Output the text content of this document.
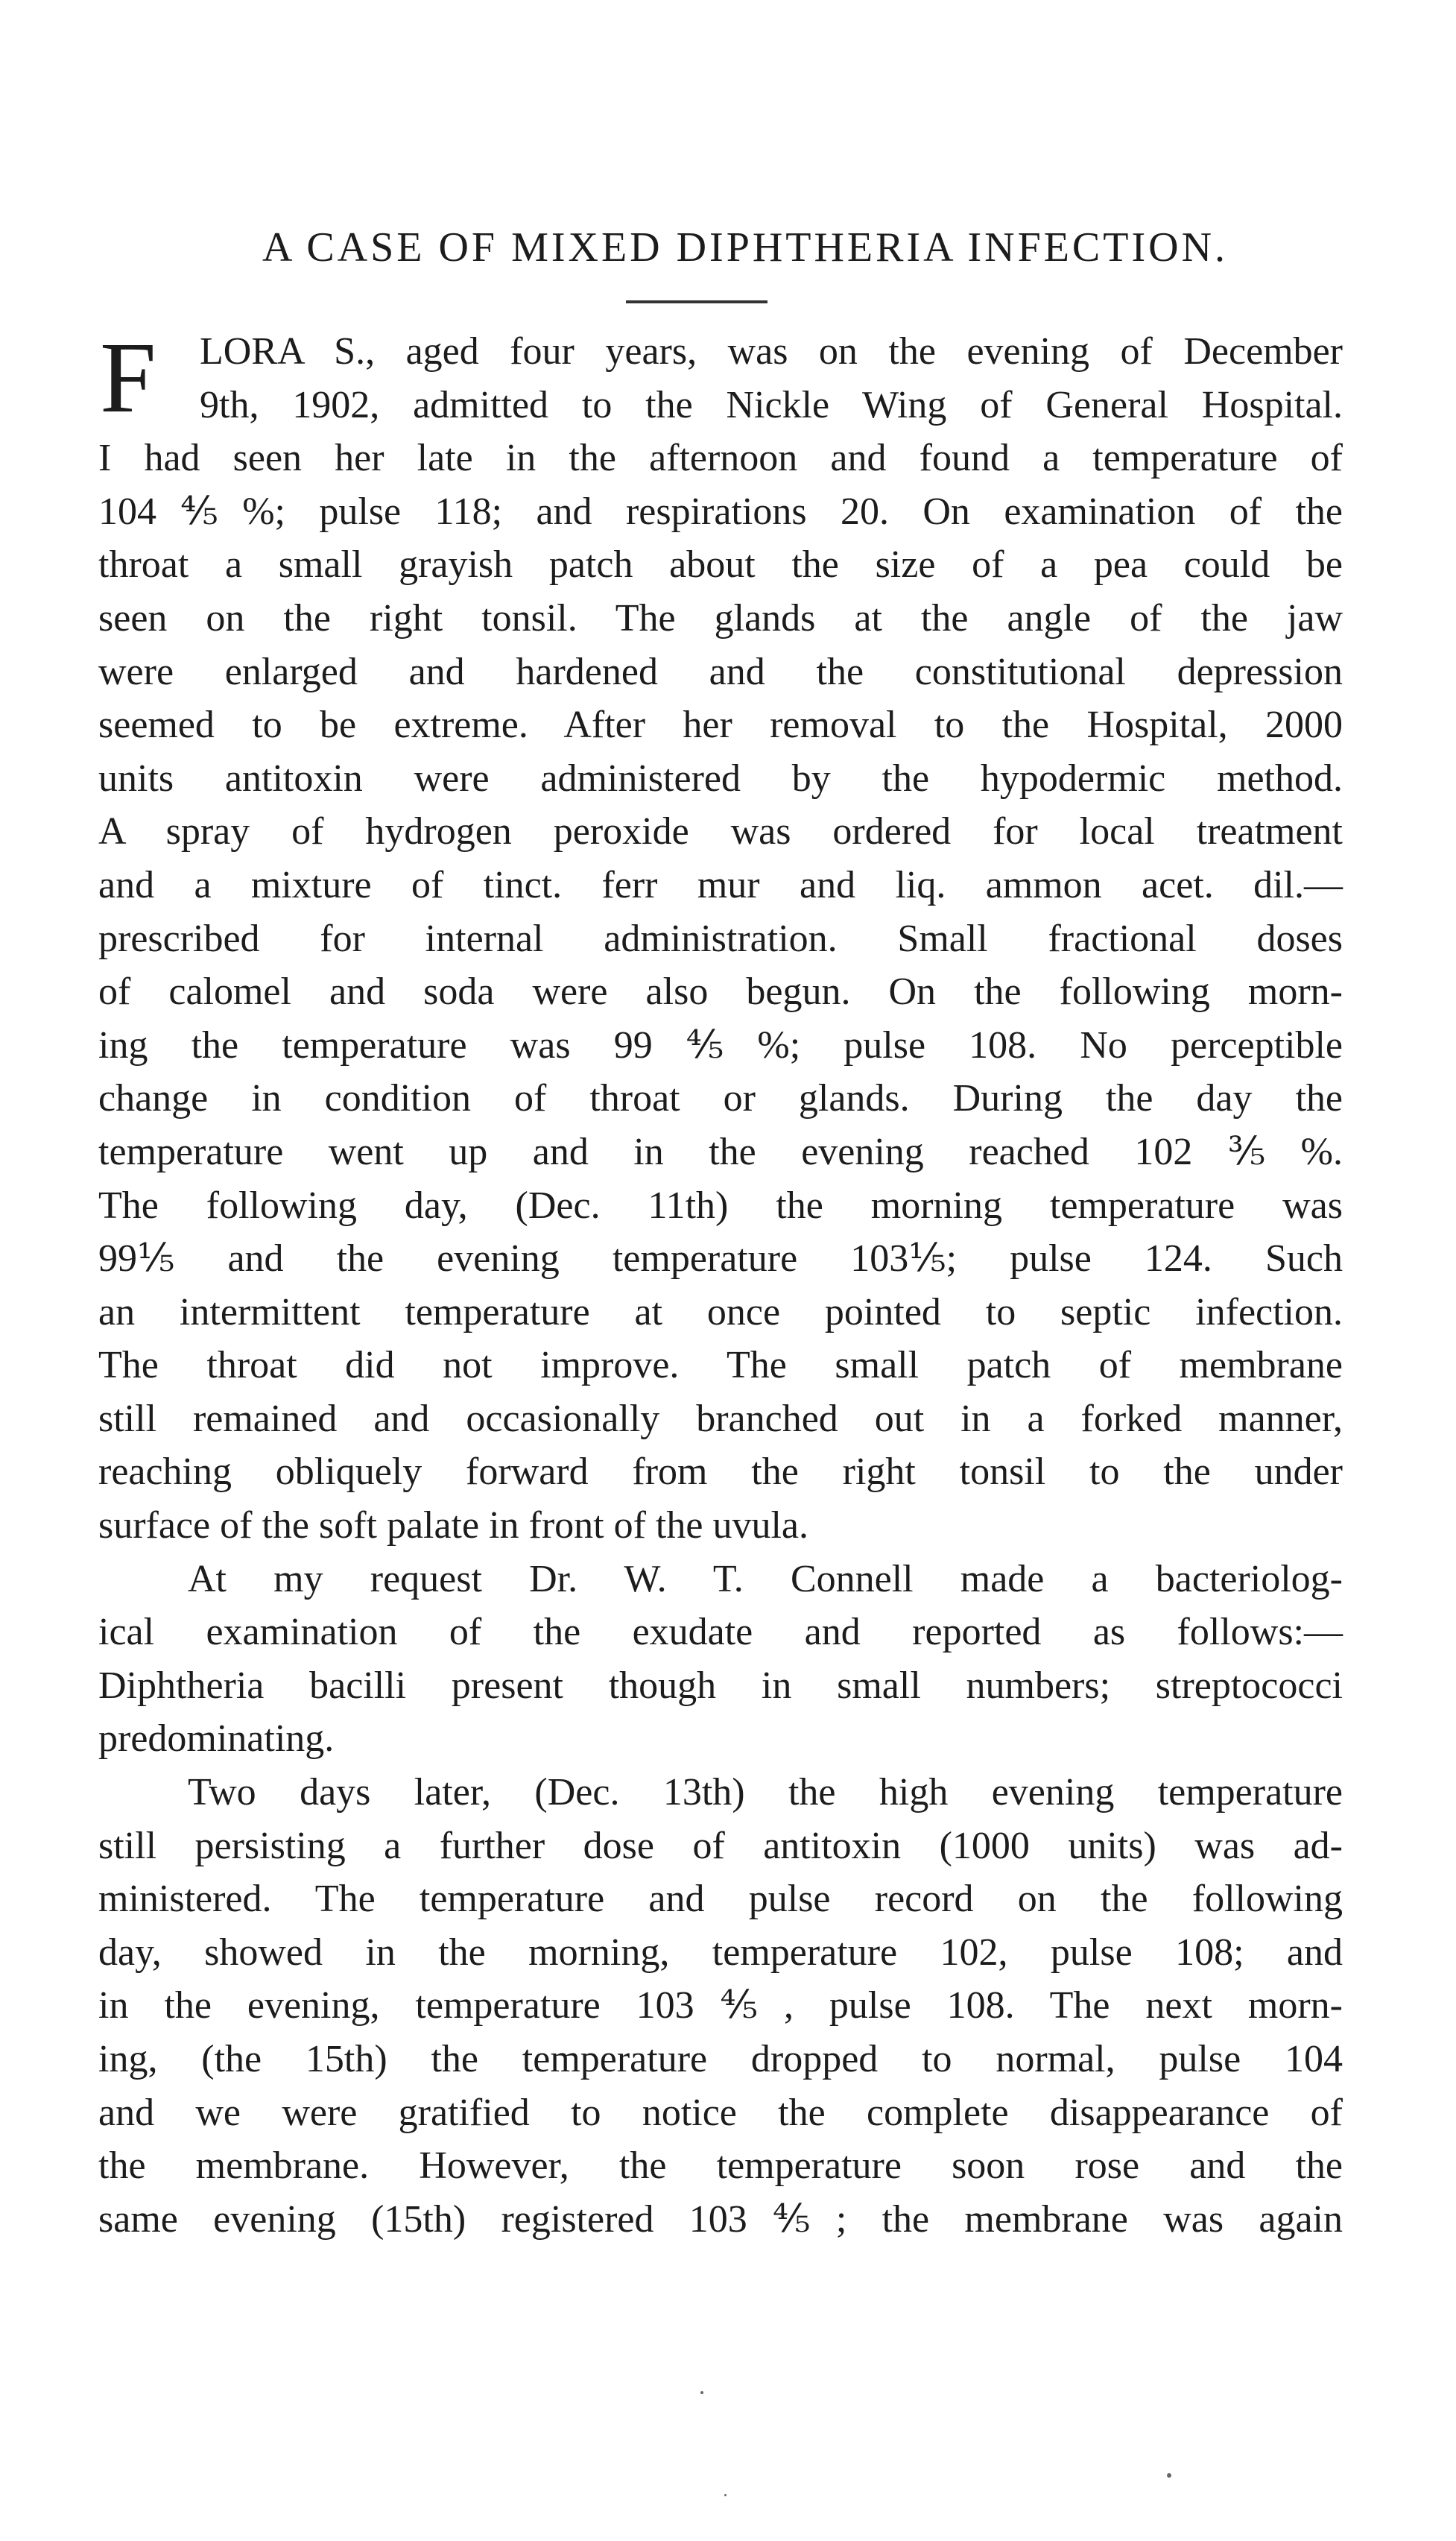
A CASE OF MIXED DIPHTHERIA INFECTION.
F	LORA S., aged four years, was on the evening of December
9th, 1902, admitted to the Nickle Wing of General Hospital.
I had seen her late in the afternoon and found a temperature of
104⅘%; pulse 118; and respirations 20. On examination of the
throat a small grayish patch about the size of a pea could be
seen on the right tonsil. The glands at the angle of the jaw
were enlarged and hardened and the constitutional depression
seemed to be extreme. After her removal to the Hospital, 2000
units antitoxin were administered by the hypodermic method.
A spray of hydrogen peroxide was ordered for local treatment
and a mixture of tinct. ferr mur and liq. ammon acet. dil.—
prescribed for internal administration. Small fractional doses
of calomel and soda were also begun. On the following morn-
ing the temperature was 99⅘%; pulse 108. No perceptible
change in condition of throat or glands. During the day the
temperature went up and in the evening reached 102⅗%.
The following day, (Dec. 11th) the morning temperature was
99⅕ and the evening temperature 103⅕; pulse 124. Such
an intermittent temperature at once pointed to septic infection.
The throat did not improve. The small patch of membrane
still remained and occasionally branched out in a forked manner,
reaching obliquely forward from the right tonsil to the under
surface of the soft palate in front of the uvula.
At my request Dr. W. T. Connell made a bacteriolog-
ical examination of the exudate and reported as follows:—
Diphtheria bacilli present though in small numbers; streptococci
predominating.
Two days later, (Dec. 13th) the high evening temperature
still persisting a further dose of antitoxin (1000 units) was ad-
ministered. The temperature and pulse record on the following
day, showed in the morning, temperature 102, pulse 108; and
in the evening, temperature 103⅘, pulse 108. The next morn-
ing, (the 15th) the temperature dropped to normal, pulse 104
and we were gratified to notice the complete disappearance of
the membrane. However, the temperature soon rose and the
same evening (15th) registered 103⅘; the membrane was again
